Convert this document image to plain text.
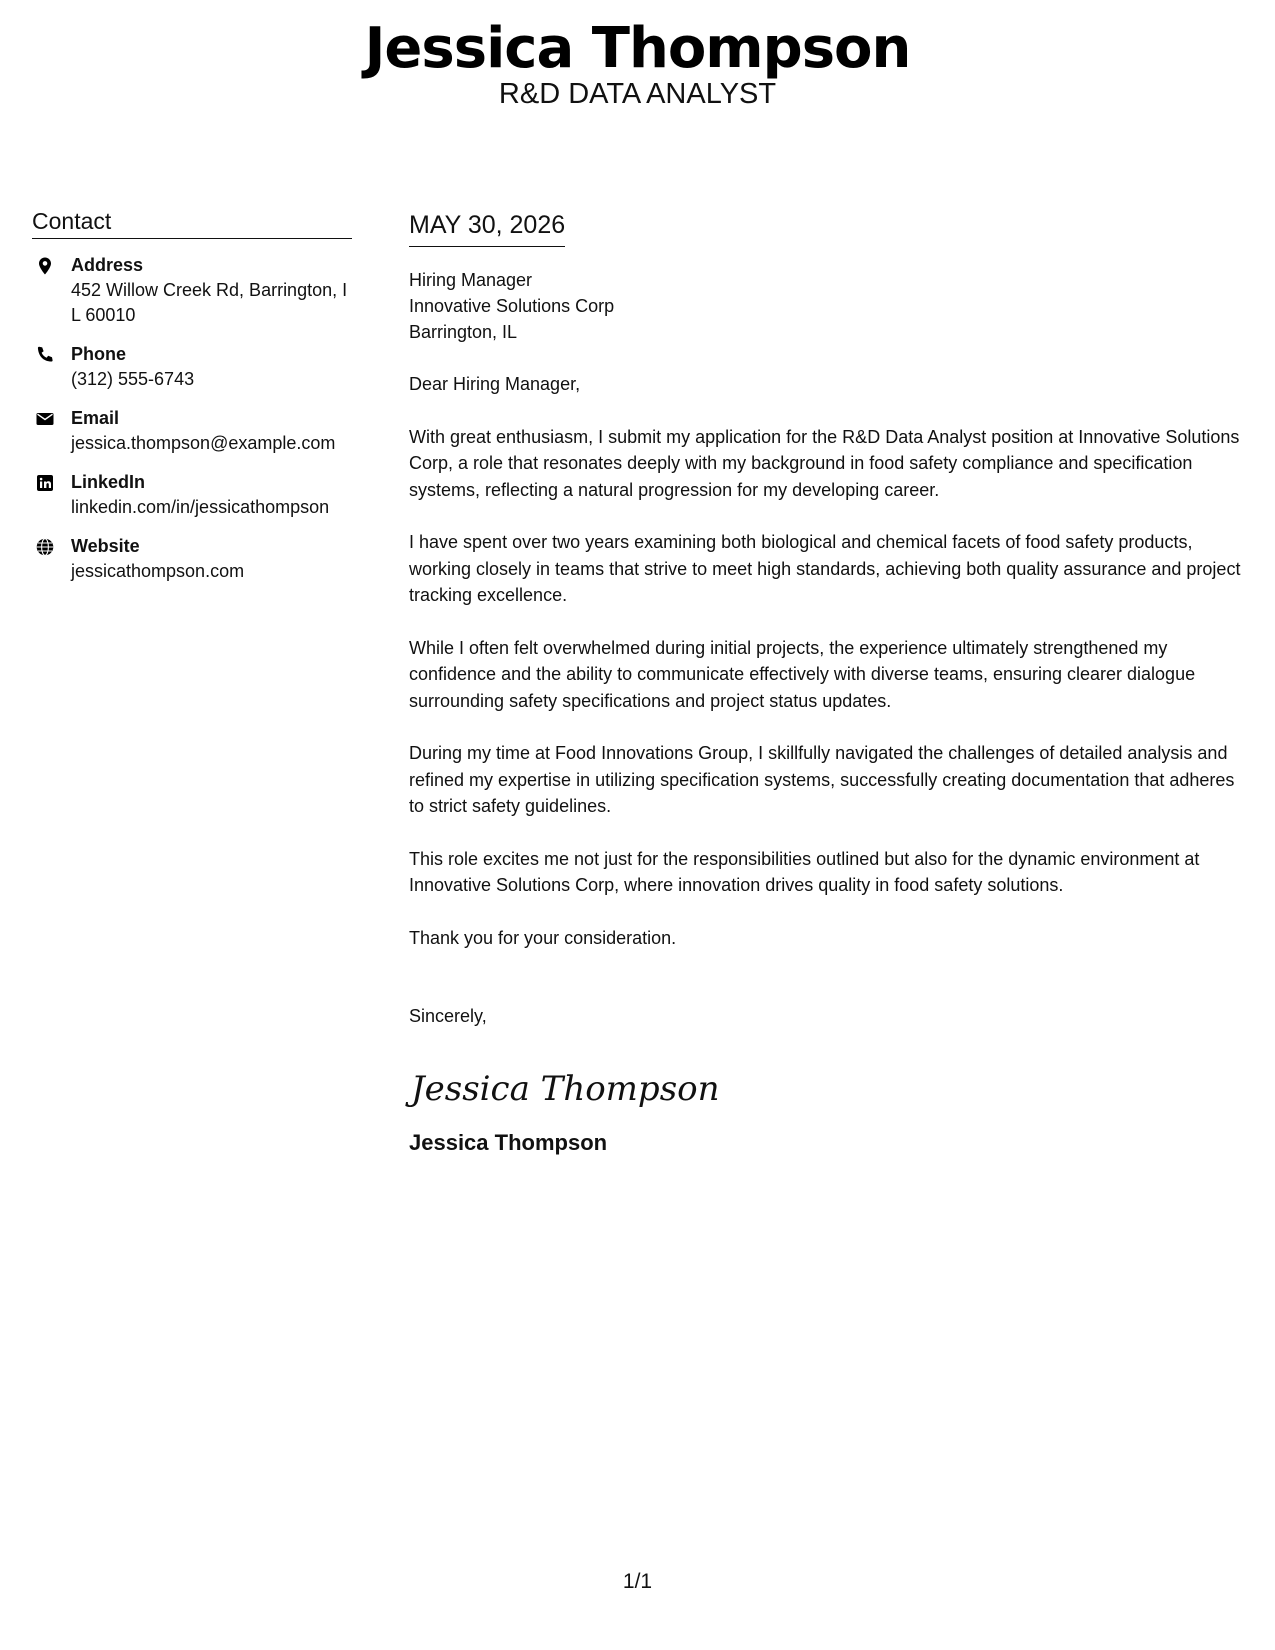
Jessica Thompson
R&D DATA ANALYST
Contact
Address
452 Willow Creek Rd, Barrington, IL 60010
Phone
(312) 555-6743
Email
jessica.thompson@example.com
LinkedIn
linkedin.com/in/jessicathompson
Website
jessicathompson.com
MAY 30, 2026
Hiring Manager
Innovative Solutions Corp
Barrington, IL
Dear Hiring Manager,
With great enthusiasm, I submit my application for the R&D Data Analyst position at Innovative Solutions Corp, a role that resonates deeply with my background in food safety compliance and specification systems, reflecting a natural progression for my developing career.
I have spent over two years examining both biological and chemical facets of food safety products, working closely in teams that strive to meet high standards, achieving both quality assurance and project tracking excellence.
While I often felt overwhelmed during initial projects, the experience ultimately strengthened my confidence and the ability to communicate effectively with diverse teams, ensuring clearer dialogue surrounding safety specifications and project status updates.
During my time at Food Innovations Group, I skillfully navigated the challenges of detailed analysis and refined my expertise in utilizing specification systems, successfully creating documentation that adheres to strict safety guidelines.
This role excites me not just for the responsibilities outlined but also for the dynamic environment at Innovative Solutions Corp, where innovation drives quality in food safety solutions.
Thank you for your consideration.
Sincerely,
Jessica Thompson
Jessica Thompson
1/1
